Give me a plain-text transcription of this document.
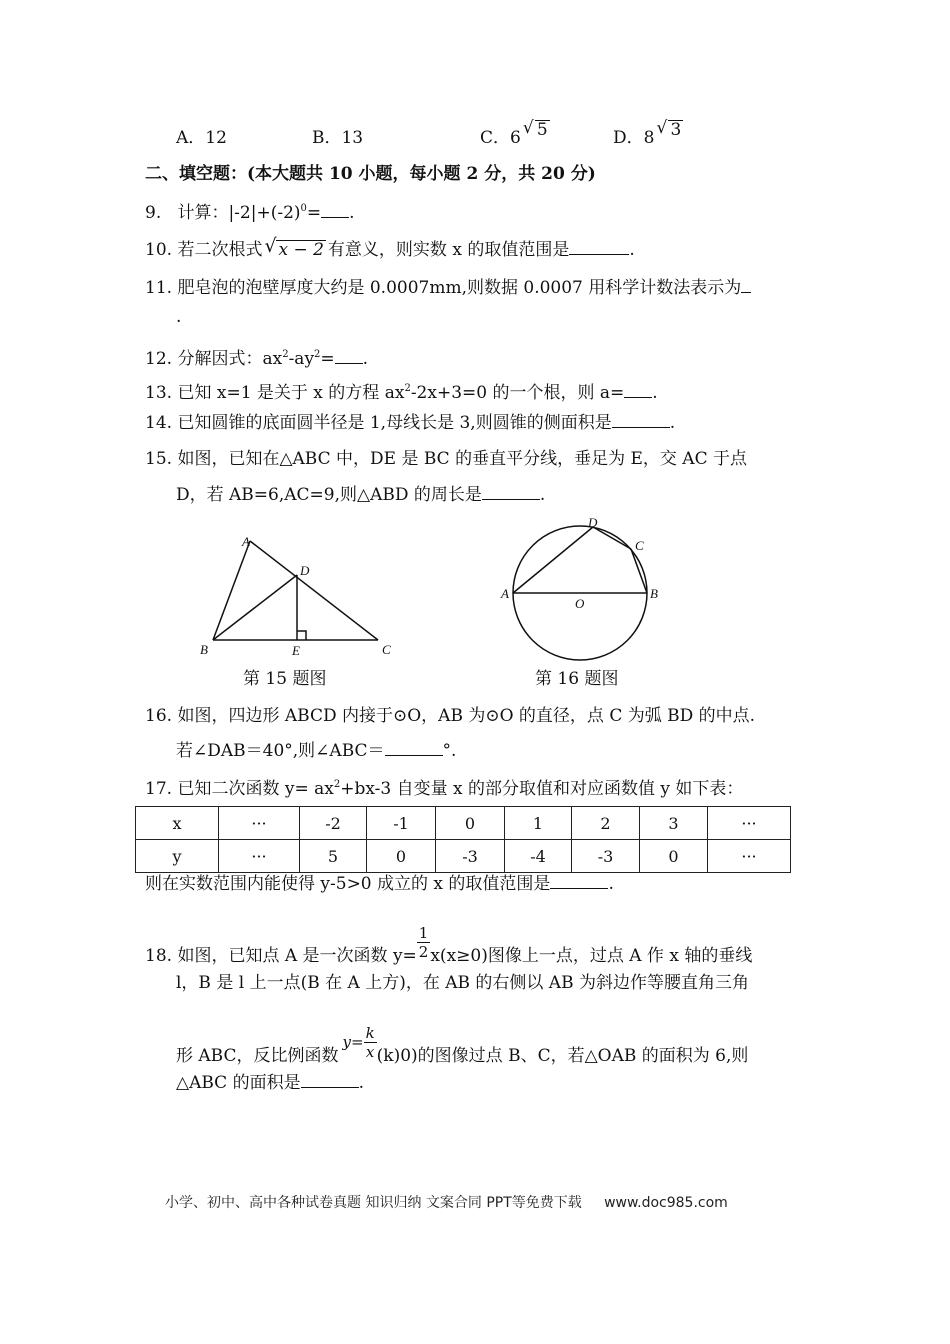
A．12	B．13	C．6 √ 5	D．8 √ 3
二、填空题：(本大题共 10 小题，每小题 2 分，共 20 分)
9. 计算：$|-2|+(-2)^0=$ .
10. 若二次根式 √ x − 2 有意义，则实数 x 的取值范围是	.
11. 肥皂泡的泡壁厚度大约是 0.0007mm,则数据 0.0007 用科学计数法表示为
.
12. 分解因式：$ax^2-ay^2=$ .
13. 已知 x=1 是关于 x 的方程 $ax^2-2x+3=0$ 的一个根，则 a= .
14. 已知圆锥的底面圆半径是 1,母线长是 3,则圆锥的侧面积是	.
15. 如图，已知在△ABC 中，DE 是 BC 的垂直平分线，垂足为 E，交 AC 于点
D，若 AB=6,AC=9,则△ABD 的周长是	.
A
B	C
D
E
第 15 题图
A	B
C
D
O
第 16 题图
16. 如图，四边形 ABCD 内接于⊙O，AB 为⊙O 的直径，点 C 为弧 BD 的中点.
若∠DAB＝40°,则∠ABC＝	°.
17. 已知二次函数 $y= ax^2+bx-3$ 自变量 x 的部分取值和对应函数值 y 如下表：
x	···	-2	-1	0	1	2	3	···
y	···	5	0	-3	-4	-3	0	···
则在实数范围内能使得 y-5>0 成立的 x 的取值范围是	.
18. 如图，已知点 A 是一次函数 $y= \frac{1}{2} x(x\ge 0)$图像上一点，过点 A 作 x 轴的垂线
l，B 是 l 上一点(B 在 A 上方)，在 AB 的右侧以 AB 为斜边作等腰直角三角
形 ABC，反比例函数$y= \frac{k}{x} (k)0$)的图像过点 B、C，若△OAB 的面积为 6,则
△ABC 的面积是	.
小学、初中、高中各种试卷真题 知识归纳 文案合同 PPT等免费下载 www.doc985.com
